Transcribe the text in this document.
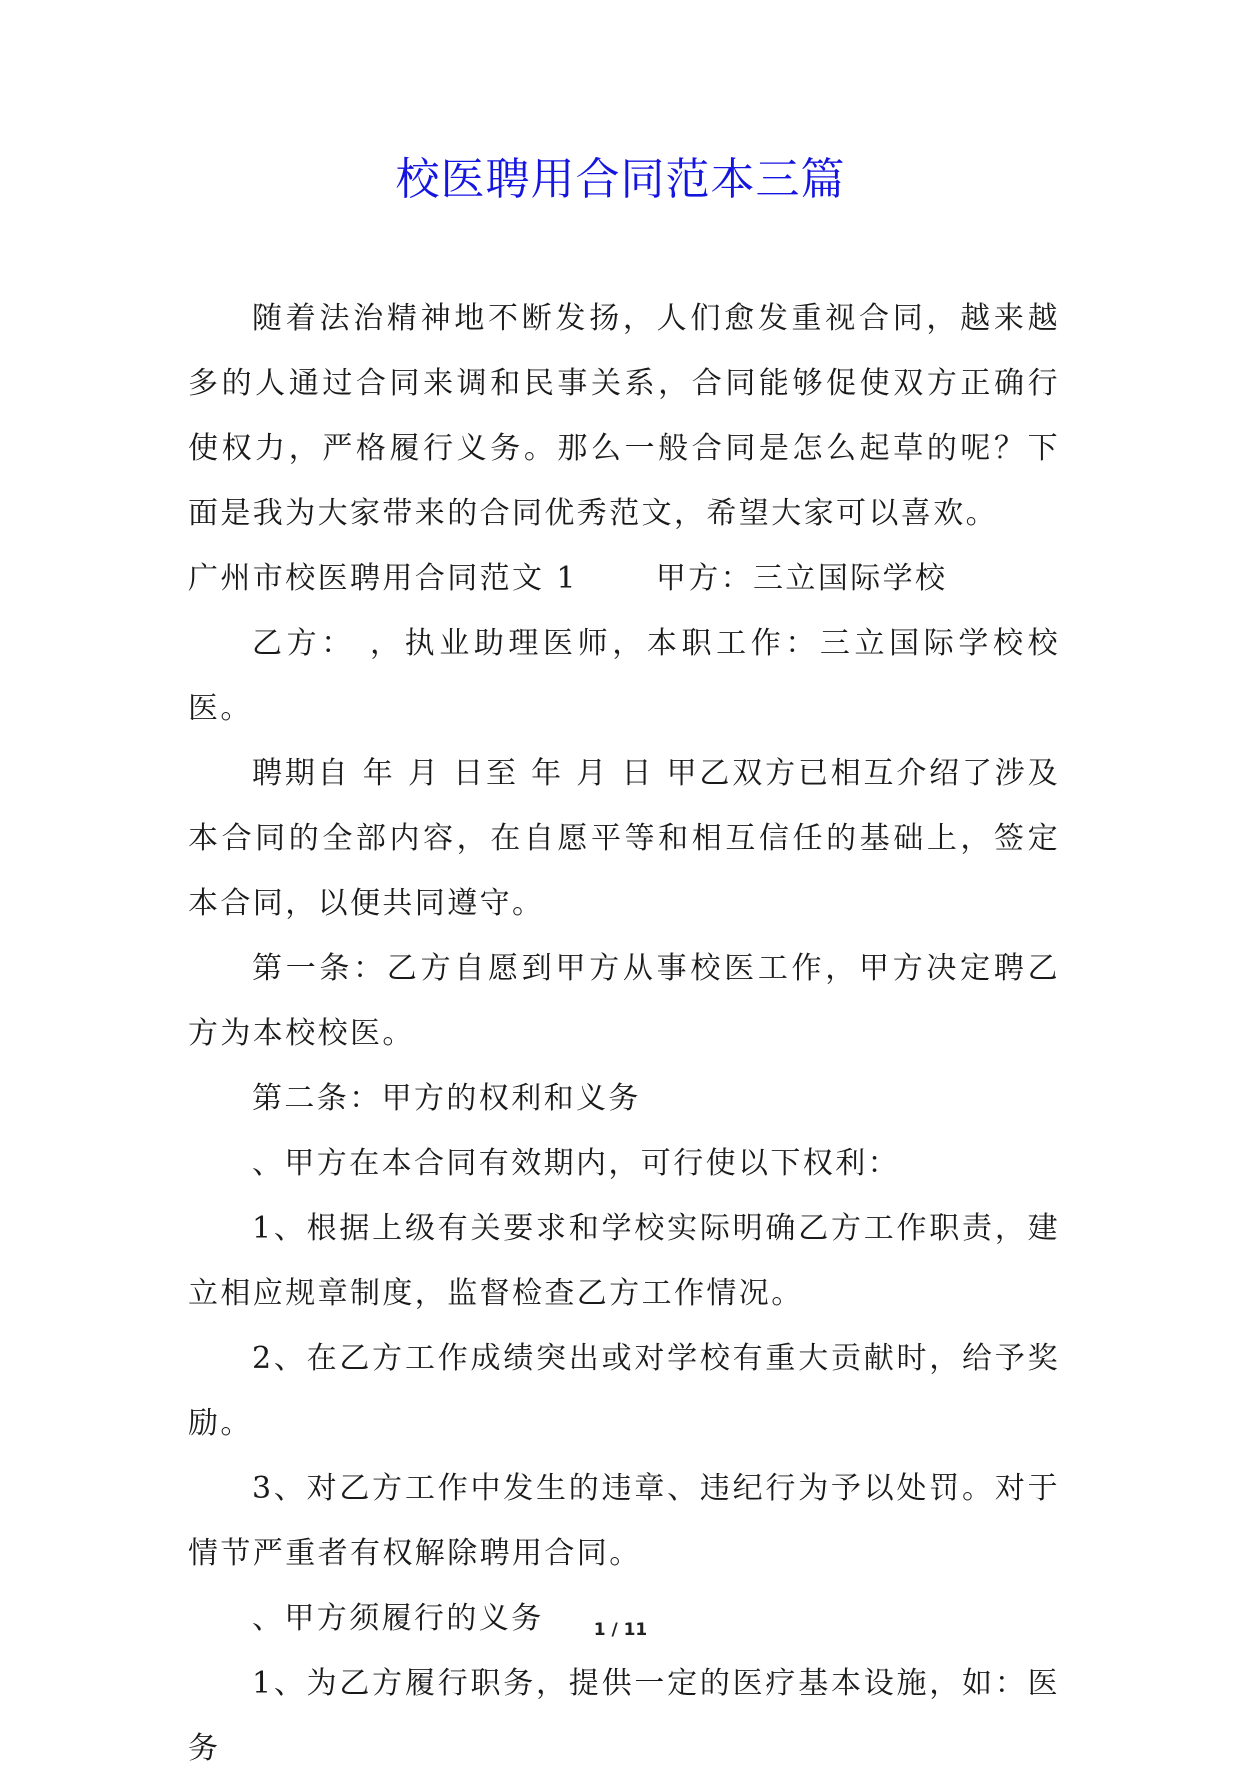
校医聘用合同范本三篇

随着法治精神地不断发扬，人们愈发重视合同，越来越多的人通过合同来调和民事关系，合同能够促使双方正确行使权力，严格履行义务。那么一般合同是怎么起草的呢？下面是我为大家带来的合同优秀范文，希望大家可以喜欢。

广州市校医聘用合同范文 1	甲方：三立国际学校

乙方： ，执业助理医师，本职工作：三立国际学校校医。

聘期自 年 月 日至 年 月 日 甲乙双方已相互介绍了涉及本合同的全部内容，在自愿平等和相互信任的基础上，签定本合同，以便共同遵守。

第一条：乙方自愿到甲方从事校医工作，甲方决定聘乙方为本校校医。

第二条：甲方的权利和义务

、甲方在本合同有效期内，可行使以下权利：

1、根据上级有关要求和学校实际明确乙方工作职责，建立相应规章制度，监督检查乙方工作情况。

2、在乙方工作成绩突出或对学校有重大贡献时，给予奖励。

3、对乙方工作中发生的违章、违纪行为予以处罚。对于情节严重者有权解除聘用合同。

、甲方须履行的义务

1、为乙方履行职务，提供一定的医疗基本设施，如：医务

1 / 11
